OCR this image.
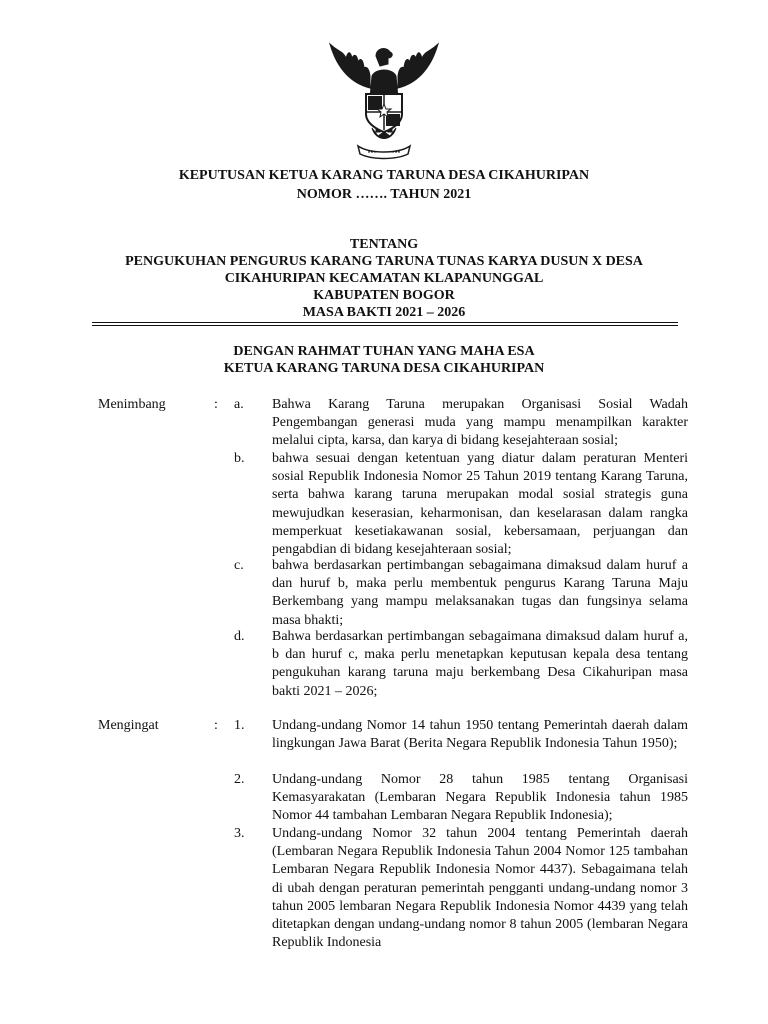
KEPUTUSAN KETUA KARANG TARUNA DESA CIKAHURIPAN
NOMOR ……. TAHUN 2021
TENTANG
PENGUKUHAN PENGURUS KARANG TARUNA TUNAS KARYA DUSUN X DESA
CIKAHURIPAN KECAMATAN KLAPANUNGGAL
KABUPATEN BOGOR
MASA BAKTI 2021 – 2026
DENGAN RAHMAT TUHAN YANG MAHA ESA
KETUA KARANG TARUNA DESA CIKAHURIPAN
Menimbang	: a. Bahwa Karang Taruna merupakan Organisasi Sosial Wadah Pengembangan generasi muda yang mampu menampilkan karakter melalui cipta, karsa, dan karya di bidang kesejahteraan sosial;
b. bahwa sesuai dengan ketentuan yang diatur dalam peraturan Menteri sosial Republik Indonesia Nomor 25 Tahun 2019 tentang Karang Taruna, serta bahwa karang taruna merupakan modal sosial strategis guna mewujudkan keserasian, keharmonisan, dan keselarasan dalam rangka memperkuat kesetiakawanan sosial, kebersamaan, perjuangan dan pengabdian di bidang kesejahteraan sosial;
c. bahwa berdasarkan pertimbangan sebagaimana dimaksud dalam huruf a dan huruf b, maka perlu membentuk pengurus Karang Taruna Maju Berkembang yang mampu melaksanakan tugas dan fungsinya selama masa bhakti;
d. Bahwa berdasarkan pertimbangan sebagaimana dimaksud dalam huruf a, b dan huruf c, maka perlu menetapkan keputusan kepala desa tentang pengukuhan karang taruna maju berkembang Desa Cikahuripan masa bakti 2021 – 2026;
Mengingat	: 1. Undang-undang Nomor 14 tahun 1950 tentang Pemerintah daerah dalam lingkungan Jawa Barat (Berita Negara Republik Indonesia Tahun 1950);
2. Undang-undang Nomor 28 tahun 1985 tentang Organisasi Kemasyarakatan (Lembaran Negara Republik Indonesia tahun 1985 Nomor 44 tambahan Lembaran Negara Republik Indonesia);
3. Undang-undang Nomor 32 tahun 2004 tentang Pemerintah daerah (Lembaran Negara Republik Indonesia Tahun 2004 Nomor 125 tambahan Lembaran Negara Republik Indonesia Nomor 4437). Sebagaimana telah di ubah dengan peraturan pemerintah pengganti undang-undang nomor 3 tahun 2005 lembaran Negara Republik Indonesia Nomor 4439 yang telah ditetapkan dengan undang-undang nomor 8 tahun 2005 (lembaran Negara Republik Indonesia
